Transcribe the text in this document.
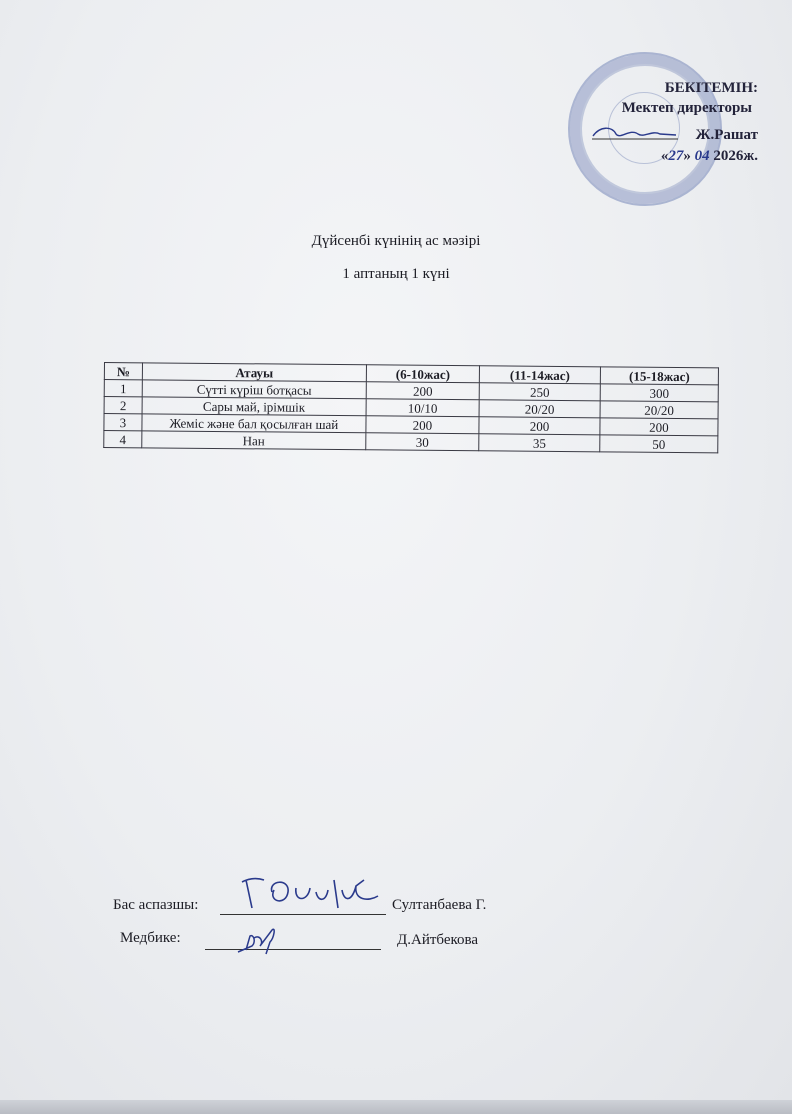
БЕКІТЕМІН:
Мектеп директоры
Ж.Рашат
«27» 04 2026ж.
Дүйсенбі күнінің ас мәзірі
1 аптаның 1 күні
№	Атауы	(6-10жас)	(11-14жас)	(15-18жас)
1	Сүтті күріш ботқасы	200	250	300
2	Сары май, ірімшік	10/10	20/20	20/20
3	Жеміс және бал қосылған шай	200	200	200
4	Нан	30	35	50
Бас аспазшы:	Султанбаева Г.
Медбике:	Д.Айтбекова
